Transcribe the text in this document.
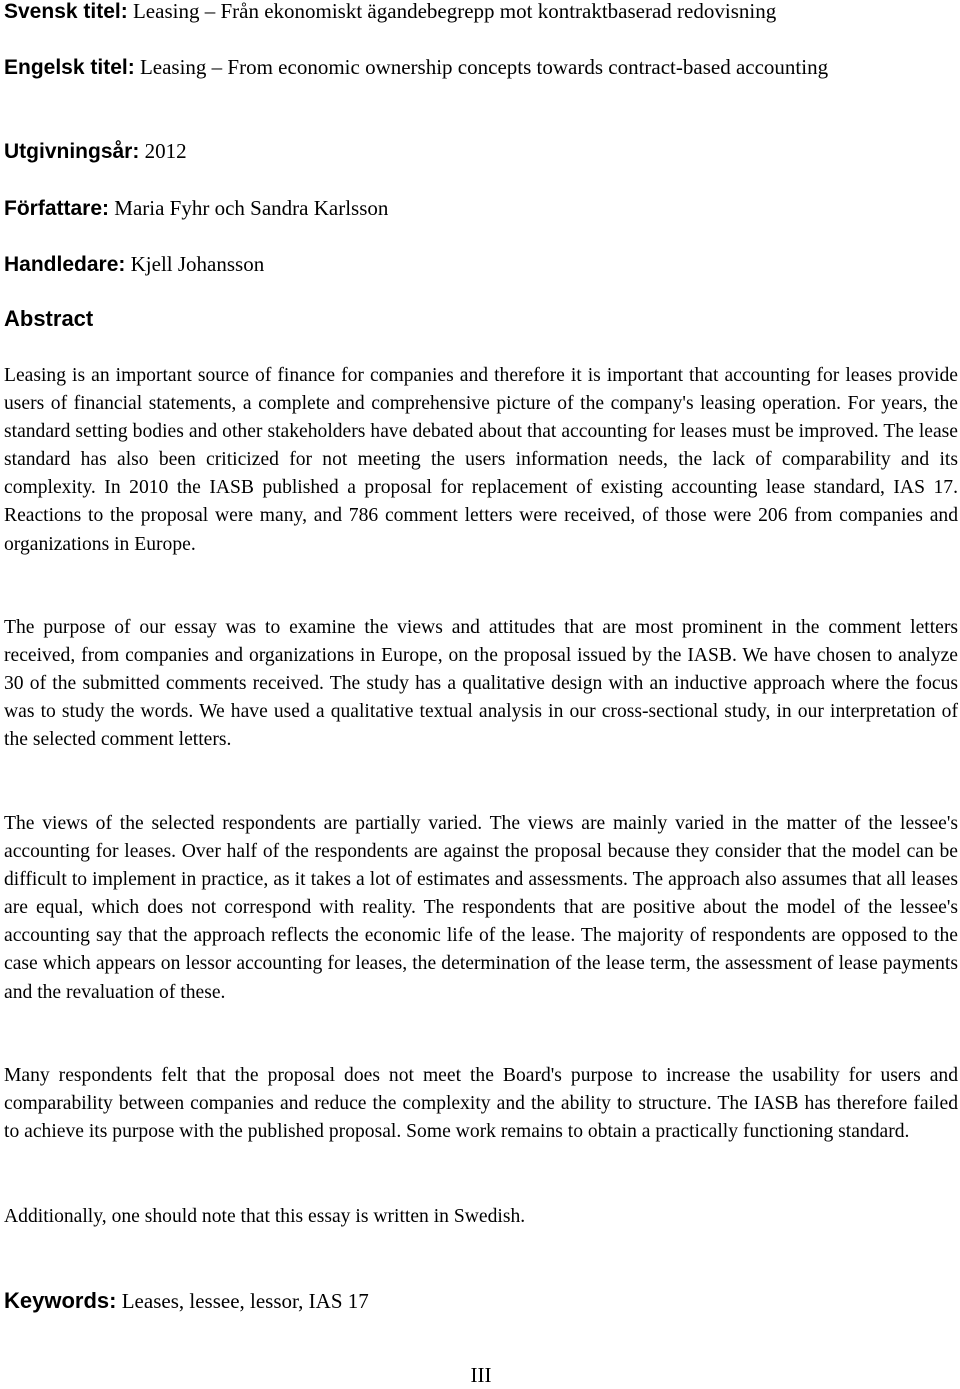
Svensk titel: Leasing – Från ekonomiskt ägandebegrepp mot kontraktbaserad redovisning

Engelsk titel: Leasing – From economic ownership concepts towards contract-based accounting

Utgivningsår: 2012

Författare: Maria Fyhr och Sandra Karlsson

Handledare: Kjell Johansson

Abstract

Leasing is an important source of finance for companies and therefore it is important that accounting for leases provide users of financial statements, a complete and comprehensive picture of the company's leasing operation. For years, the standard setting bodies and other stakeholders have debated about that accounting for leases must be improved. The lease standard has also been criticized for not meeting the users information needs, the lack of comparability and its complexity. In 2010 the IASB published a proposal for replacement of existing accounting lease standard, IAS 17. Reactions to the proposal were many, and 786 comment letters were received, of those were 206 from companies and organizations in Europe.

The purpose of our essay was to examine the views and attitudes that are most prominent in the comment letters received, from companies and organizations in Europe, on the proposal issued by the IASB. We have chosen to analyze 30 of the submitted comments received. The study has a qualitative design with an inductive approach where the focus was to study the words. We have used a qualitative textual analysis in our cross-sectional study, in our interpretation of the selected comment letters.

The views of the selected respondents are partially varied. The views are mainly varied in the matter of the lessee's accounting for leases. Over half of the respondents are against the proposal because they consider that the model can be difficult to implement in practice, as it takes a lot of estimates and assessments. The approach also assumes that all leases are equal, which does not correspond with reality. The respondents that are positive about the model of the lessee's accounting say that the approach reflects the economic life of the lease. The majority of respondents are opposed to the case which appears on lessor accounting for leases, the determination of the lease term, the assessment of lease payments and the revaluation of these.

Many respondents felt that the proposal does not meet the Board's purpose to increase the usability for users and comparability between companies and reduce the complexity and the ability to structure. The IASB has therefore failed to achieve its purpose with the published proposal. Some work remains to obtain a practically functioning standard.

Additionally, one should note that this essay is written in Swedish.

Keywords: Leases, lessee, lessor, IAS 17

III
